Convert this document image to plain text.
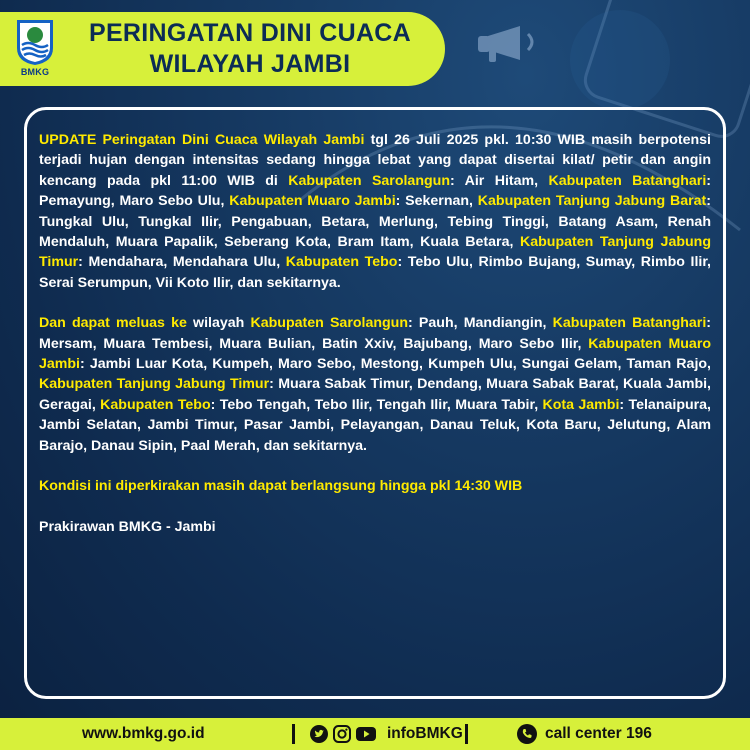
BMKG
PERINGATAN DINI CUACA
WILAYAH JAMBI

UPDATE Peringatan Dini Cuaca Wilayah Jambi tgl 26 Juli 2025 pkl. 10:30 WIB masih berpotensi terjadi hujan dengan intensitas sedang hingga lebat yang dapat disertai kilat/ petir dan angin kencang pada pkl 11:00 WIB di Kabupaten Sarolangun: Air Hitam, Kabupaten Batanghari: Pemayung, Maro Sebo Ulu, Kabupaten Muaro Jambi: Sekernan, Kabupaten Tanjung Jabung Barat: Tungkal Ulu, Tungkal Ilir, Pengabuan, Betara, Merlung, Tebing Tinggi, Batang Asam, Renah Mendaluh, Muara Papalik, Seberang Kota, Bram Itam, Kuala Betara, Kabupaten Tanjung Jabung Timur: Mendahara, Mendahara Ulu, Kabupaten Tebo: Tebo Ulu, Rimbo Bujang, Sumay, Rimbo Ilir, Serai Serumpun, Vii Koto Ilir, dan sekitarnya.

Dan dapat meluas ke wilayah Kabupaten Sarolangun: Pauh, Mandiangin, Kabupaten Batanghari: Mersam, Muara Tembesi, Muara Bulian, Batin Xxiv, Bajubang, Maro Sebo Ilir, Kabupaten Muaro Jambi: Jambi Luar Kota, Kumpeh, Maro Sebo, Mestong, Kumpeh Ulu, Sungai Gelam, Taman Rajo, Kabupaten Tanjung Jabung Timur: Muara Sabak Timur, Dendang, Muara Sabak Barat, Kuala Jambi, Geragai, Kabupaten Tebo: Tebo Tengah, Tebo Ilir, Tengah Ilir, Muara Tabir, Kota Jambi: Telanaipura, Jambi Selatan, Jambi Timur, Pasar Jambi, Pelayangan, Danau Teluk, Kota Baru, Jelutung, Alam Barajo, Danau Sipin, Paal Merah, dan sekitarnya.

Kondisi ini diperkirakan masih dapat berlangsung hingga pkl 14:30 WIB

Prakirawan BMKG - Jambi

www.bmkg.go.id	infoBMKG	call center 196
